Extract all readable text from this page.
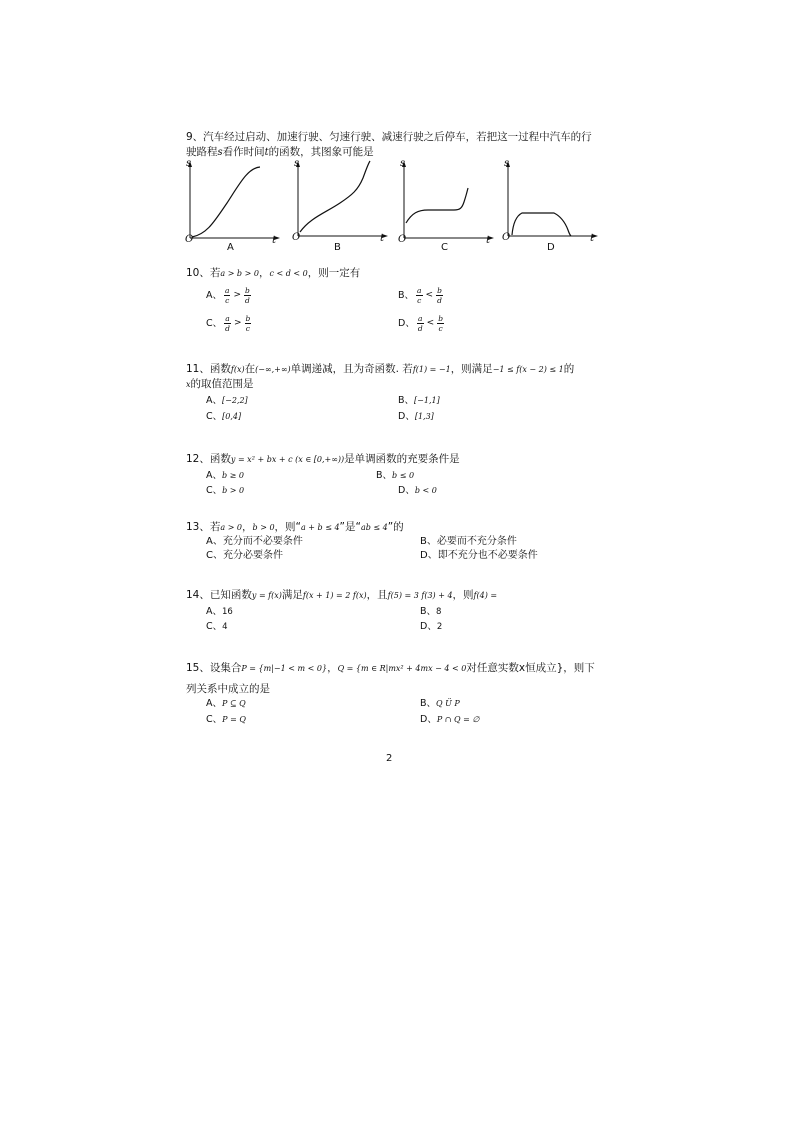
9、汽车经过启动、加速行驶、匀速行驶、减速行驶之后停车，若把这一过程中汽车的行
驶路程s看作时间t的函数，其图象可能是
s
t
O
A
s
t
O
B
s
t
O
C
s
t
O
D
10、若a > b > 0，c < d < 0，则一定有
A、 $\frac{a}{c} > \frac{b}{d}$	B、 $\frac{a}{c} < \frac{b}{d}$
C、 $\frac{a}{d} > \frac{b}{c}$	D、 $\frac{a}{d} < \frac{b}{c}$
11、函数f(x)在(−∞,+∞)单调递减，且为奇函数. 若f(1) = −1，则满足−1 ≤ f(x − 2) ≤ 1的
x的取值范围是
A、[−2,2]	B、[−1,1]
C、[0,4]	D、[1,3]
12、函数y = x² + bx + c (x ∈ [0,+∞))是单调函数的充要条件是
A、b ≥ 0	B、b ≤ 0
C、b > 0	D、b < 0
13、若a > 0，b > 0，则“a + b ≤ 4”是“ab ≤ 4”的
A、充分而不必要条件	B、必要而不充分条件
C、充分必要条件	D、即不充分也不必要条件
14、已知函数y = f(x)满足f(x + 1) = 2 f(x)，且f(5) = 3 f(3) + 4，则f(4) =
A、16	B、8
C、4	D、2
15、设集合P = {m|−1 < m < 0}，Q = {m ∈ R|mx² + 4mx − 4 < 0对任意实数x恒成立}，则下
列关系中成立的是
A、P ⊆ Q	B、Q Ü P
C、P = Q	D、P ∩ Q = ∅
2
